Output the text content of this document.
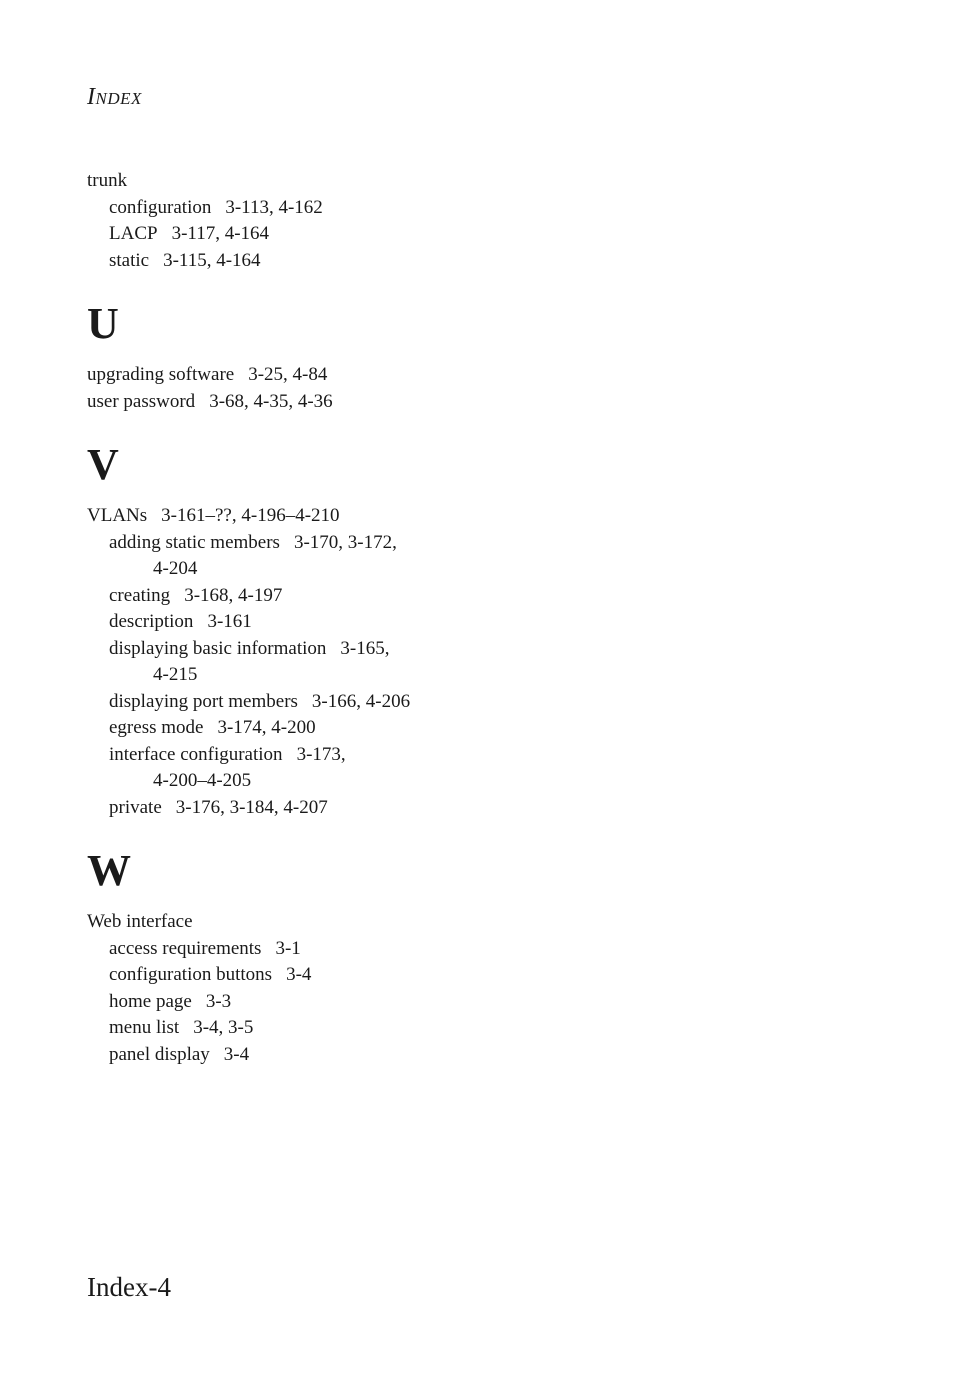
Index
trunk
configuration 3-113, 4-162
LACP 3-117, 4-164
static 3-115, 4-164
U
upgrading software 3-25, 4-84
user password 3-68, 4-35, 4-36
V
VLANs 3-161–??, 4-196–4-210
adding static members 3-170, 3-172,
4-204
creating 3-168, 4-197
description 3-161
displaying basic information 3-165,
4-215
displaying port members 3-166, 4-206
egress mode 3-174, 4-200
interface configuration 3-173,
4-200–4-205
private 3-176, 3-184, 4-207
W
Web interface
access requirements 3-1
configuration buttons 3-4
home page 3-3
menu list 3-4, 3-5
panel display 3-4
Index-4
